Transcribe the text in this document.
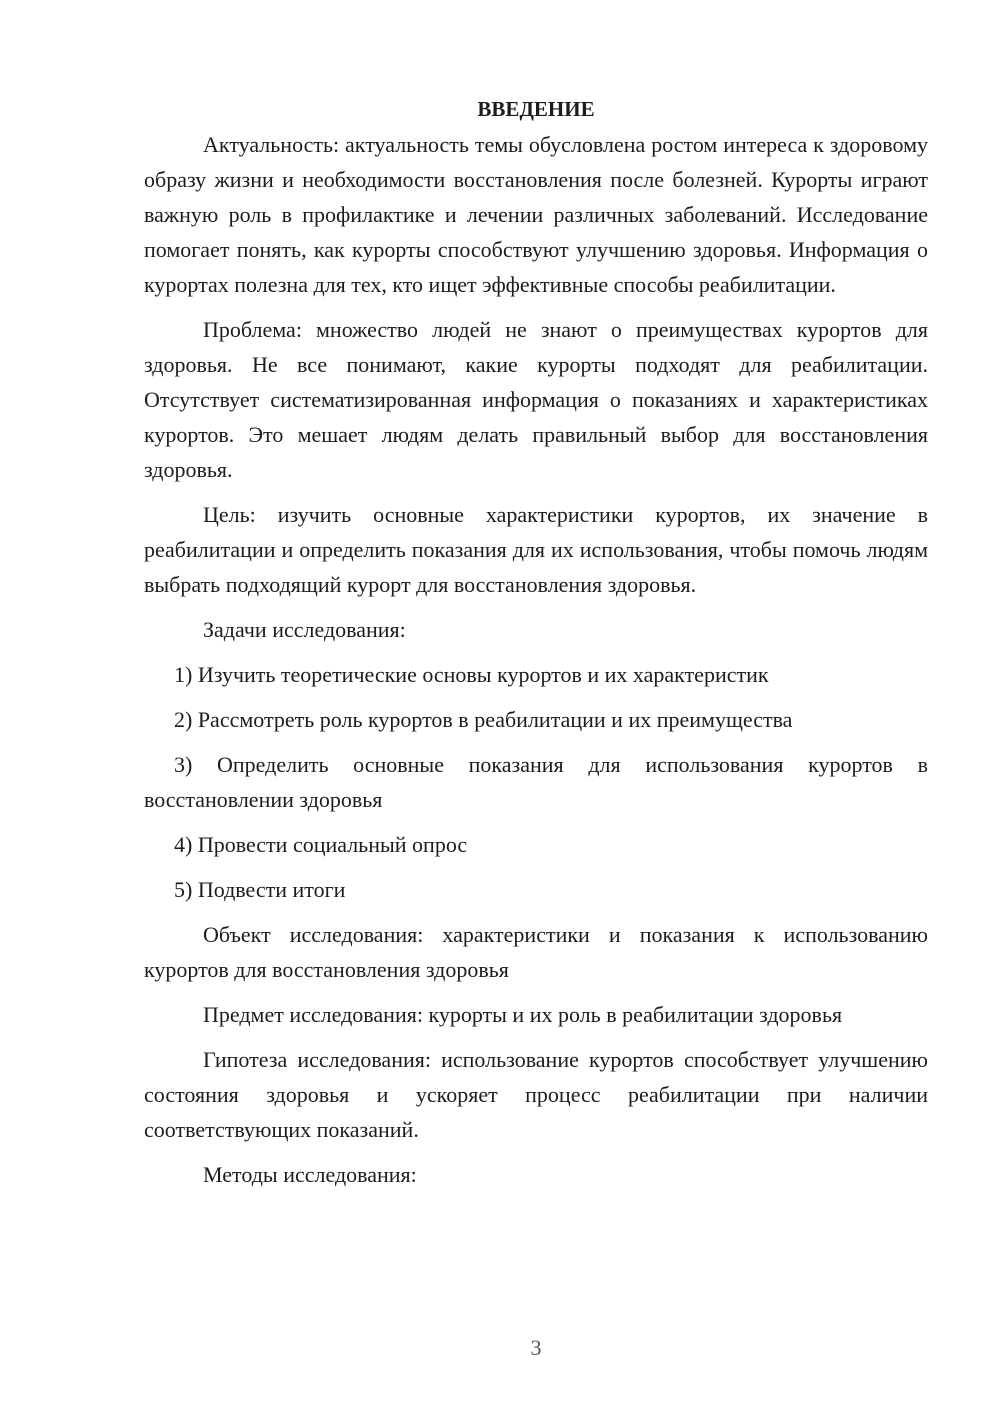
ВВЕДЕНИЕ

Актуальность: актуальность темы обусловлена ростом интереса к здоровому образу жизни и необходимости восстановления после болезней. Курорты играют важную роль в профилактике и лечении различных заболеваний. Исследование помогает понять, как курорты способствуют улучшению здоровья. Информация о курортах полезна для тех, кто ищет эффективные способы реабилитации.

Проблема: множество людей не знают о преимуществах курортов для здоровья. Не все понимают, какие курорты подходят для реабилитации. Отсутствует систематизированная информация о показаниях и характеристиках курортов. Это мешает людям делать правильный выбор для восстановления здоровья.

Цель: изучить основные характеристики курортов, их значение в реабилитации и определить показания для их использования, чтобы помочь людям выбрать подходящий курорт для восстановления здоровья.

Задачи исследования:

1) Изучить теоретические основы курортов и их характеристик

2) Рассмотреть роль курортов в реабилитации и их преимущества

3) Определить основные показания для использования курортов в восстановлении здоровья

4) Провести социальный опрос

5) Подвести итоги

Объект исследования: характеристики и показания к использованию курортов для восстановления здоровья

Предмет исследования: курорты и их роль в реабилитации здоровья

Гипотеза исследования: использование курортов способствует улучшению состояния здоровья и ускоряет процесс реабилитации при наличии соответствующих показаний.

Методы исследования:

3
